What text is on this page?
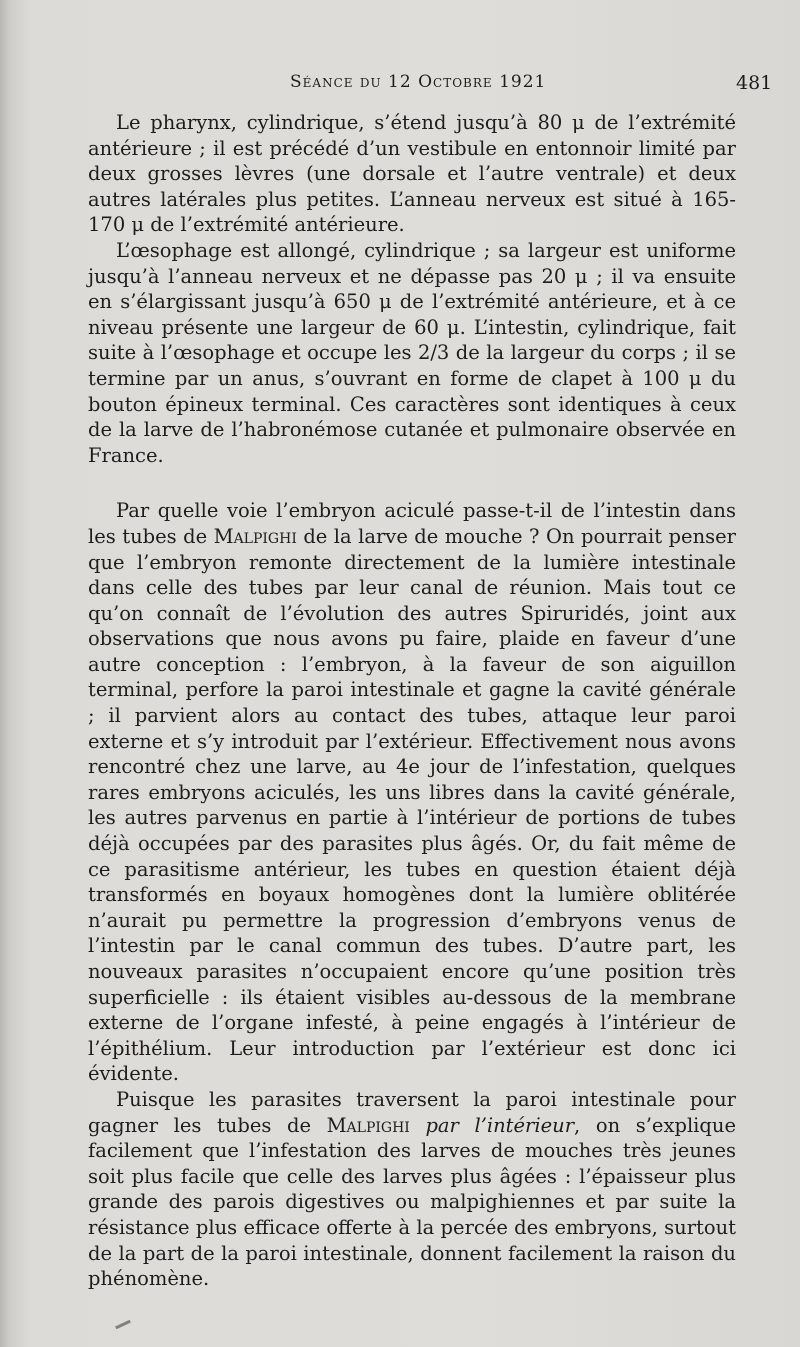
Séance du 12 Octobre 1921	481

Le pharynx, cylindrique, s’étend jusqu’à 80 μ de l’extrémité antérieure ; il est précédé d’un vestibule en entonnoir limité par deux grosses lèvres (une dorsale et l’autre ventrale) et deux autres latérales plus petites. L’anneau nerveux est situé à 165-170 μ de l’extrémité antérieure.

L’œsophage est allongé, cylindrique ; sa largeur est uniforme jusqu’à l’anneau nerveux et ne dépasse pas 20 μ ; il va ensuite en s’élargissant jusqu’à 650 μ de l’extrémité antérieure, et à ce niveau présente une largeur de 60 μ. L’intestin, cylindrique, fait suite à l’œsophage et occupe les 2/3 de la largeur du corps ; il se termine par un anus, s’ouvrant en forme de clapet à 100 μ du bouton épineux terminal. Ces caractères sont identiques à ceux de la larve de l’habronémose cutanée et pulmonaire observée en France.

Par quelle voie l’embryon aciculé passe-t-il de l’intestin dans les tubes de Malpighi de la larve de mouche ? On pourrait penser que l’embryon remonte directement de la lumière intestinale dans celle des tubes par leur canal de réunion. Mais tout ce qu’on connaît de l’évolution des autres Spiruridés, joint aux observations que nous avons pu faire, plaide en faveur d’une autre conception : l’embryon, à la faveur de son aiguillon terminal, perfore la paroi intestinale et gagne la cavité générale ; il parvient alors au contact des tubes, attaque leur paroi externe et s’y introduit par l’extérieur. Effectivement nous avons rencontré chez une larve, au 4e jour de l’infestation, quelques rares embryons aciculés, les uns libres dans la cavité générale, les autres parvenus en partie à l’intérieur de portions de tubes déjà occupées par des parasites plus âgés. Or, du fait même de ce parasitisme antérieur, les tubes en question étaient déjà transformés en boyaux homogènes dont la lumière oblitérée n’aurait pu permettre la progression d’embryons venus de l’intestin par le canal commun des tubes. D’autre part, les nouveaux parasites n’occupaient encore qu’une position très superficielle : ils étaient visibles au-dessous de la membrane externe de l’organe infesté, à peine engagés à l’intérieur de l’épithélium. Leur introduction par l’extérieur est donc ici évidente.

Puisque les parasites traversent la paroi intestinale pour gagner les tubes de Malpighi par l’intérieur, on s’explique facilement que l’infestation des larves de mouches très jeunes soit plus facile que celle des larves plus âgées : l’épaisseur plus grande des parois digestives ou malpighiennes et par suite la résistance plus efficace offerte à la percée des embryons, surtout de la part de la paroi intestinale, donnent facilement la raison du phénomène.
